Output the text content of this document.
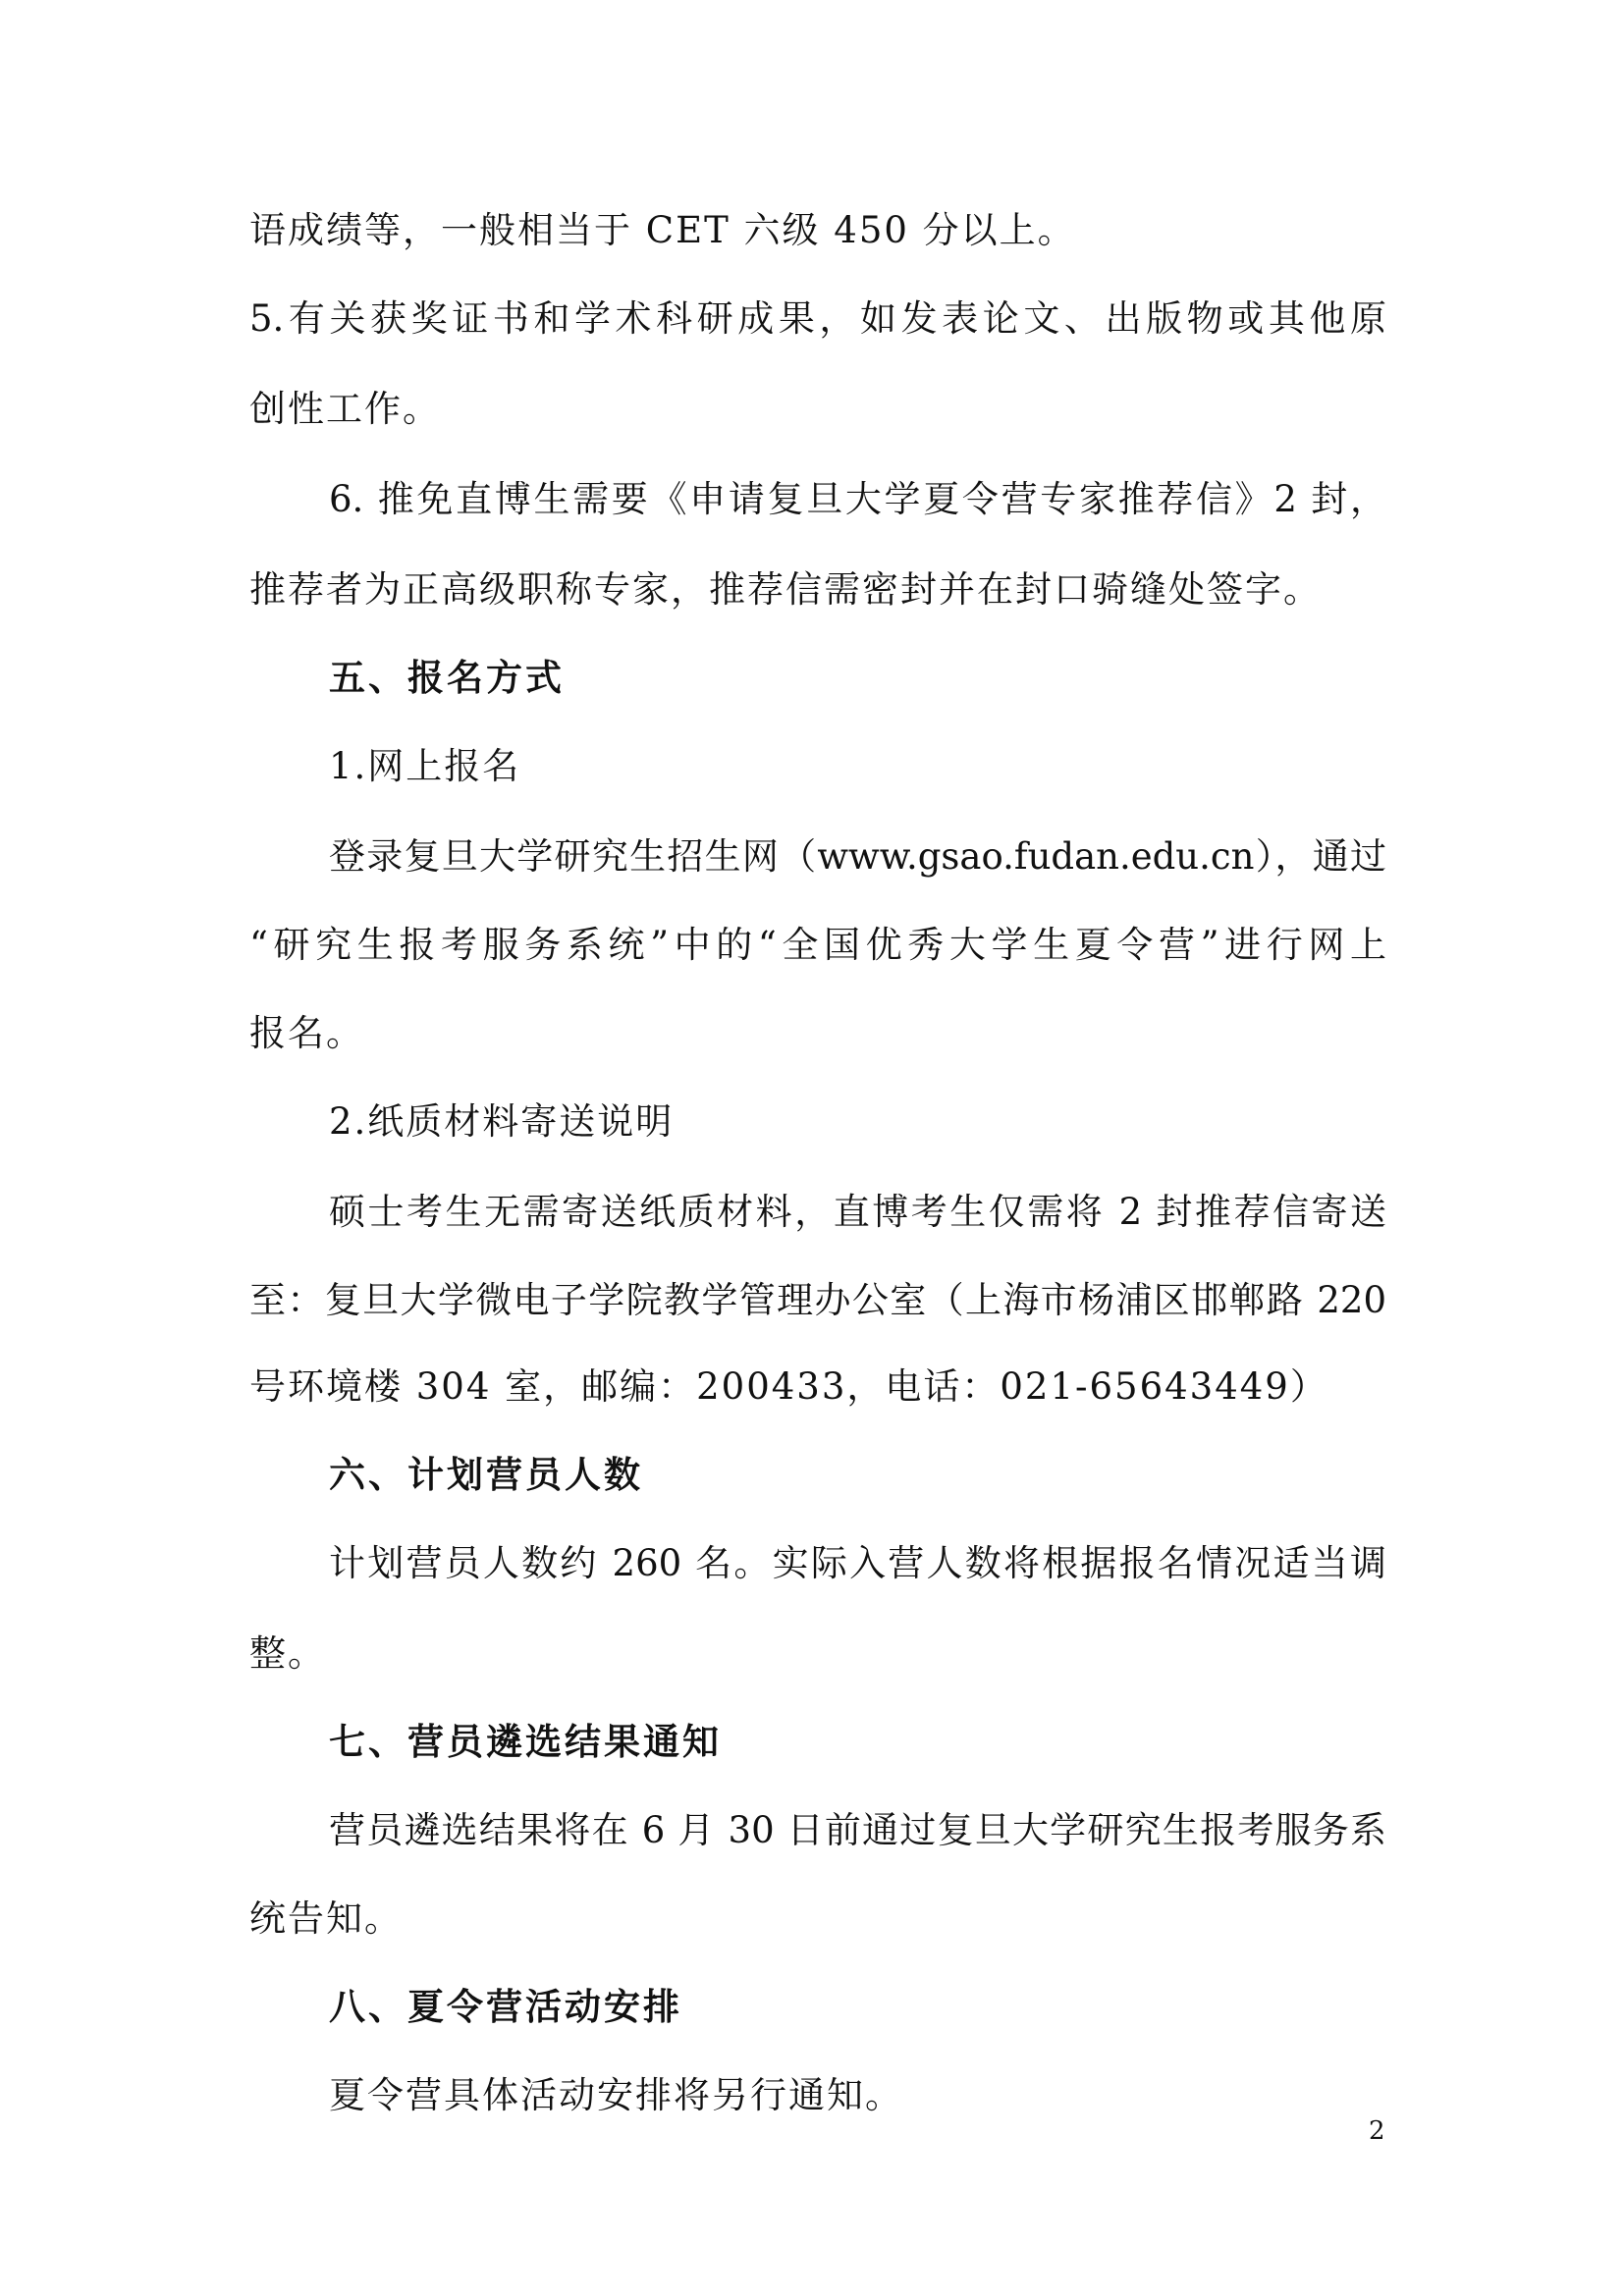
语成绩等，一般相当于 CET 六级 450 分以上。
5.有关获奖证书和学术科研成果，如发表论文、出版物或其他原
创性工作。
6. 推免直博生需要《申请复旦大学夏令营专家推荐信》2 封，
推荐者为正高级职称专家，推荐信需密封并在封口骑缝处签字。
五、报名方式
1.网上报名
登录复旦大学研究生招生网（www.gsao.fudan.edu.cn），通过
“研究生报考服务系统”中的“全国优秀大学生夏令营”进行网上
报名。
2.纸质材料寄送说明
硕士考生无需寄送纸质材料，直博考生仅需将 2 封推荐信寄送
至：复旦大学微电子学院教学管理办公室（上海市杨浦区邯郸路 220
号环境楼 304 室，邮编：200433，电话：021-65643449）
六、计划营员人数
计划营员人数约 260 名。实际入营人数将根据报名情况适当调
整。
七、营员遴选结果通知
营员遴选结果将在 6 月 30 日前通过复旦大学研究生报考服务系
统告知。
八、夏令营活动安排
夏令营具体活动安排将另行通知。
2
